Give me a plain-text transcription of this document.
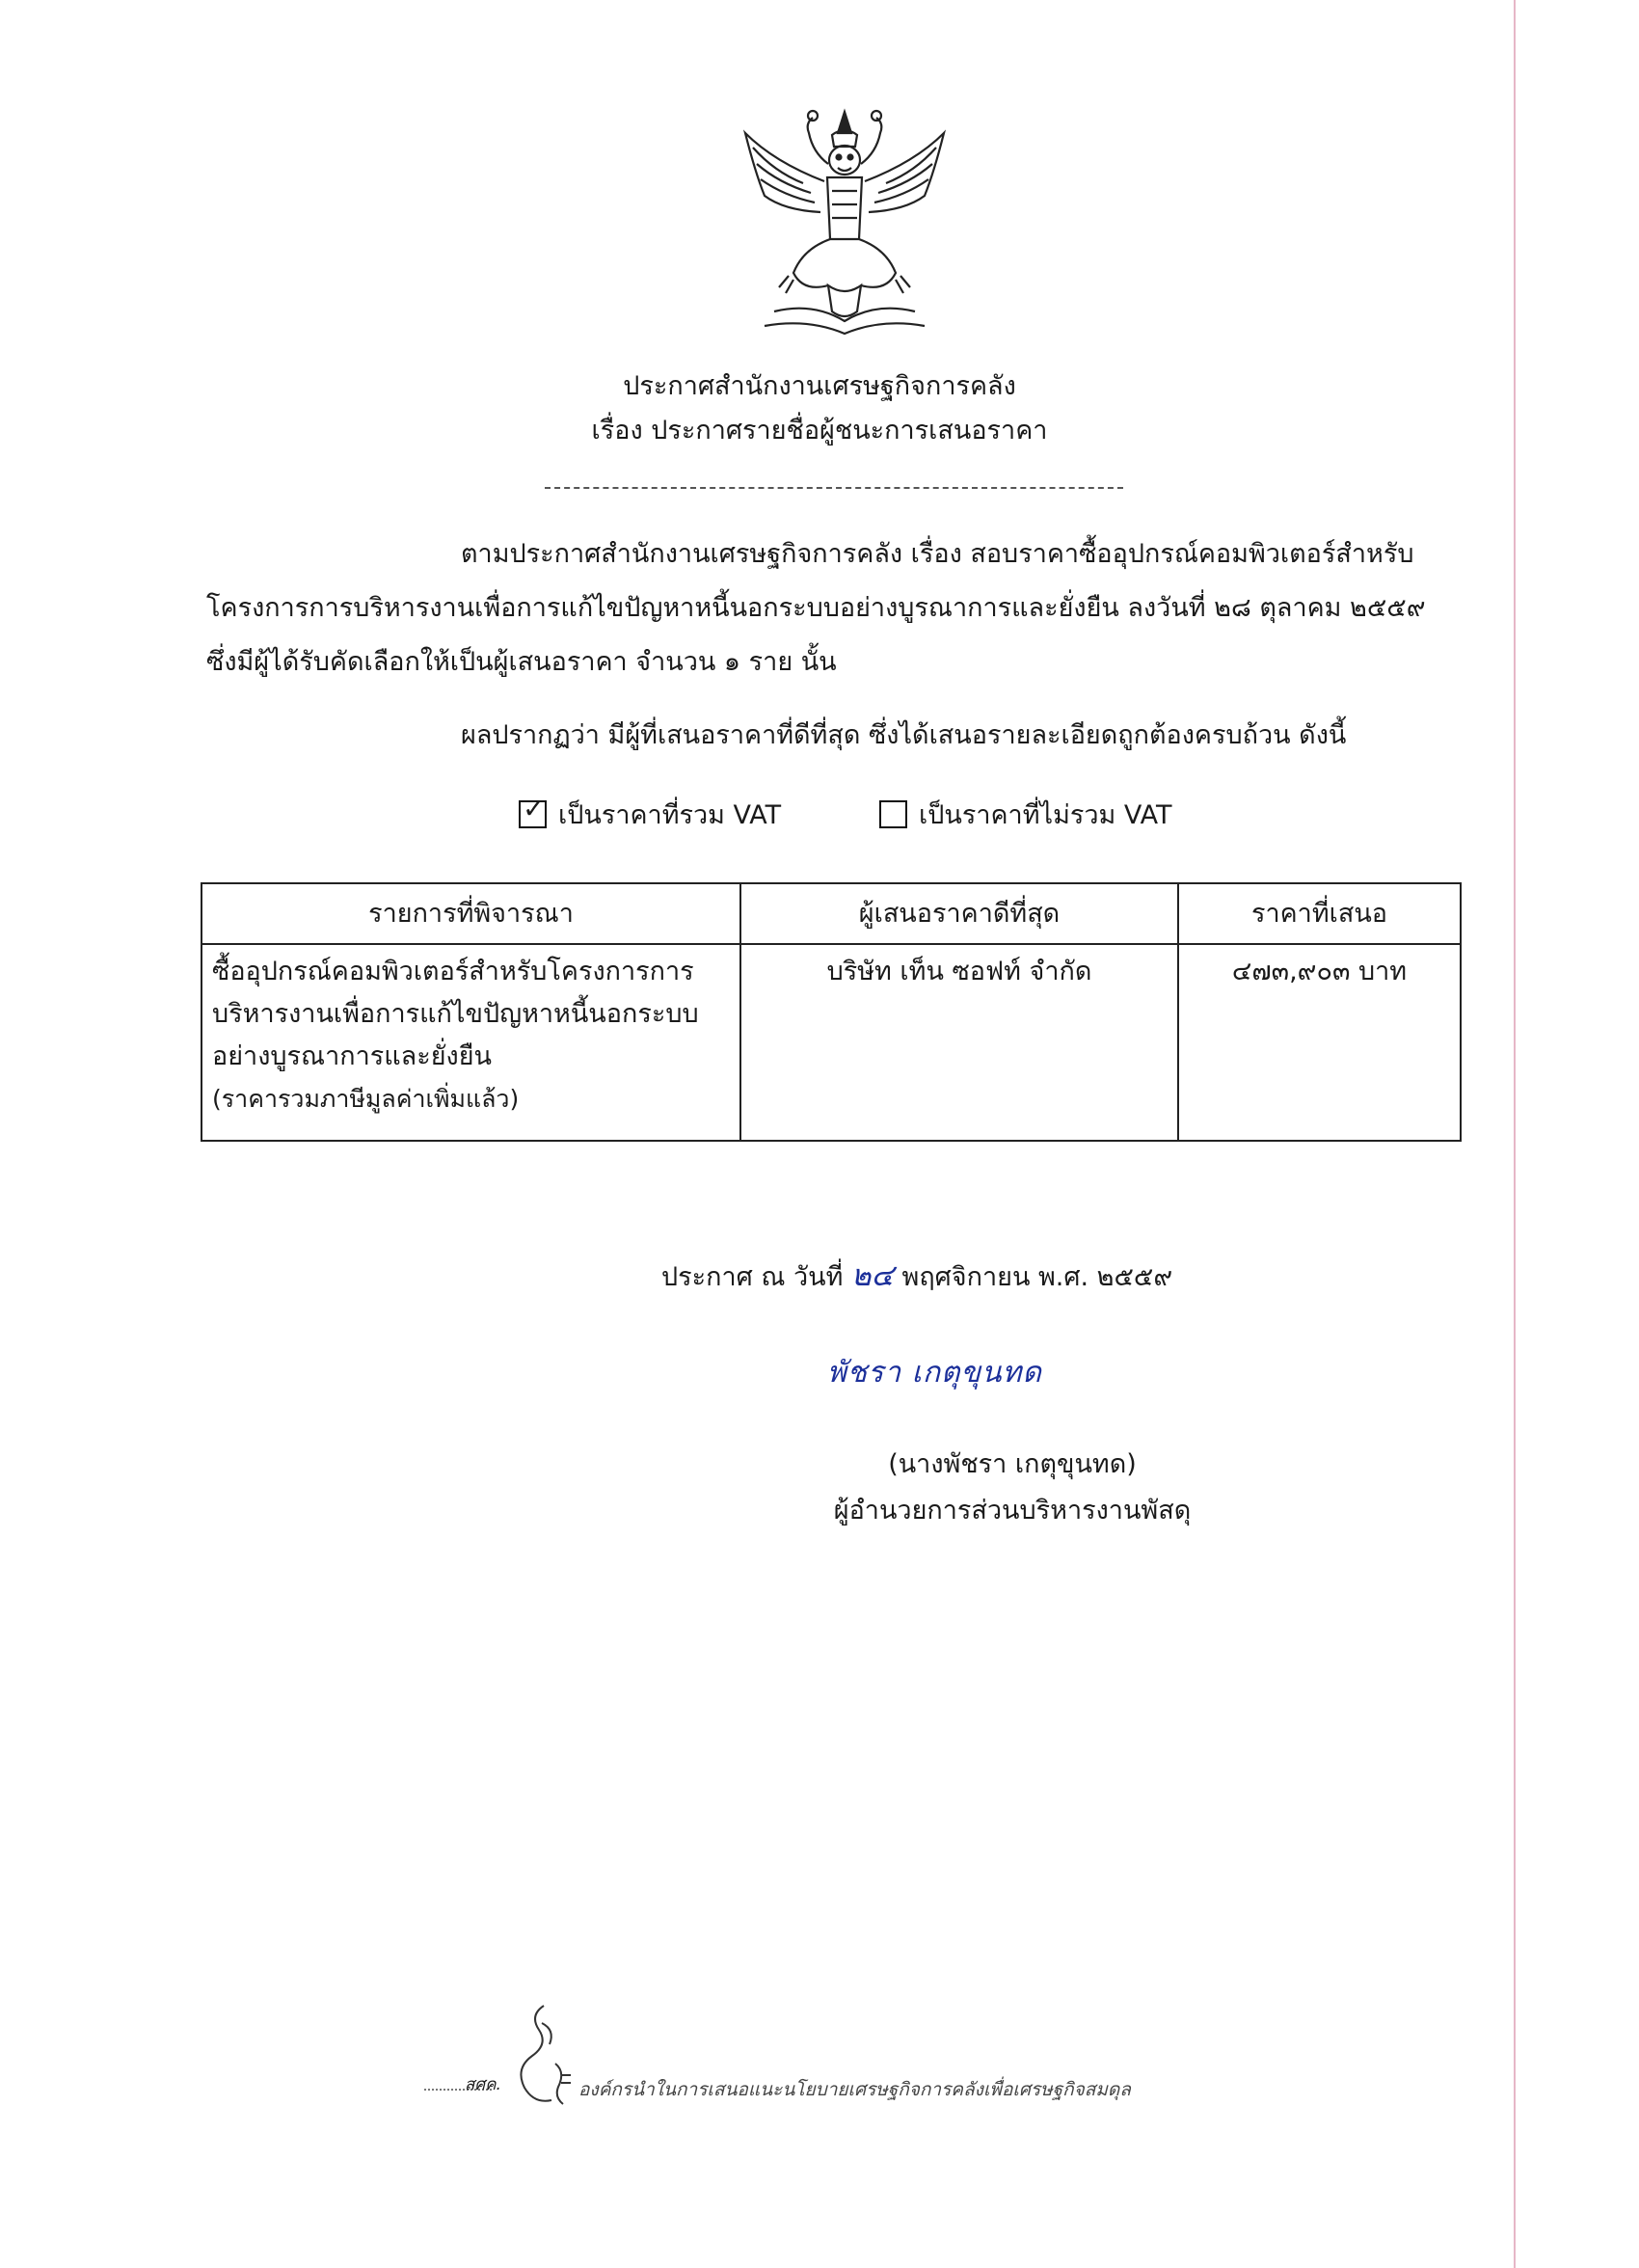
ประกาศสำนักงานเศรษฐกิจการคลัง
เรื่อง ประกาศรายชื่อผู้ชนะการเสนอราคา
ตามประกาศสำนักงานเศรษฐกิจการคลัง เรื่อง สอบราคาซื้ออุปกรณ์คอมพิวเตอร์สำหรับ
โครงการการบริหารงานเพื่อการแก้ไขปัญหาหนี้นอกระบบอย่างบูรณาการและยั่งยืน ลงวันที่ ๒๘ ตุลาคม ๒๕๕๙
ซึ่งมีผู้ได้รับคัดเลือกให้เป็นผู้เสนอราคา จำนวน ๑ ราย นั้น
ผลปรากฏว่า มีผู้ที่เสนอราคาที่ดีที่สุด ซึ่งได้เสนอรายละเอียดถูกต้องครบถ้วน ดังนี้
✓ เป็นราคาที่รวม VAT	เป็นราคาที่ไม่รวม VAT
รายการที่พิจารณา	ผู้เสนอราคาดีที่สุด	ราคาที่เสนอ

ซื้ออุปกรณ์คอมพิวเตอร์สำหรับโครงการการ
บริหารงานเพื่อการแก้ไขปัญหาหนี้นอกระบบ
อย่างบูรณาการและยั่งยืน
(ราคารวมภาษีมูลค่าเพิ่มแล้ว)	บริษัท เท็น ซอฟท์ จำกัด	๔๗๓,๙๐๓ บาท
ประกาศ ณ วันที่ ๒๔ พฤศจิกายน พ.ศ. ๒๕๕๙
พัชรา เกตุขุนทด
(นางพัชรา เกตุขุนทด)
ผู้อำนวยการส่วนบริหารงานพัสดุ
สศค.	องค์กรนำในการเสนอแนะนโยบายเศรษฐกิจการคลังเพื่อเศรษฐกิจสมดุล
